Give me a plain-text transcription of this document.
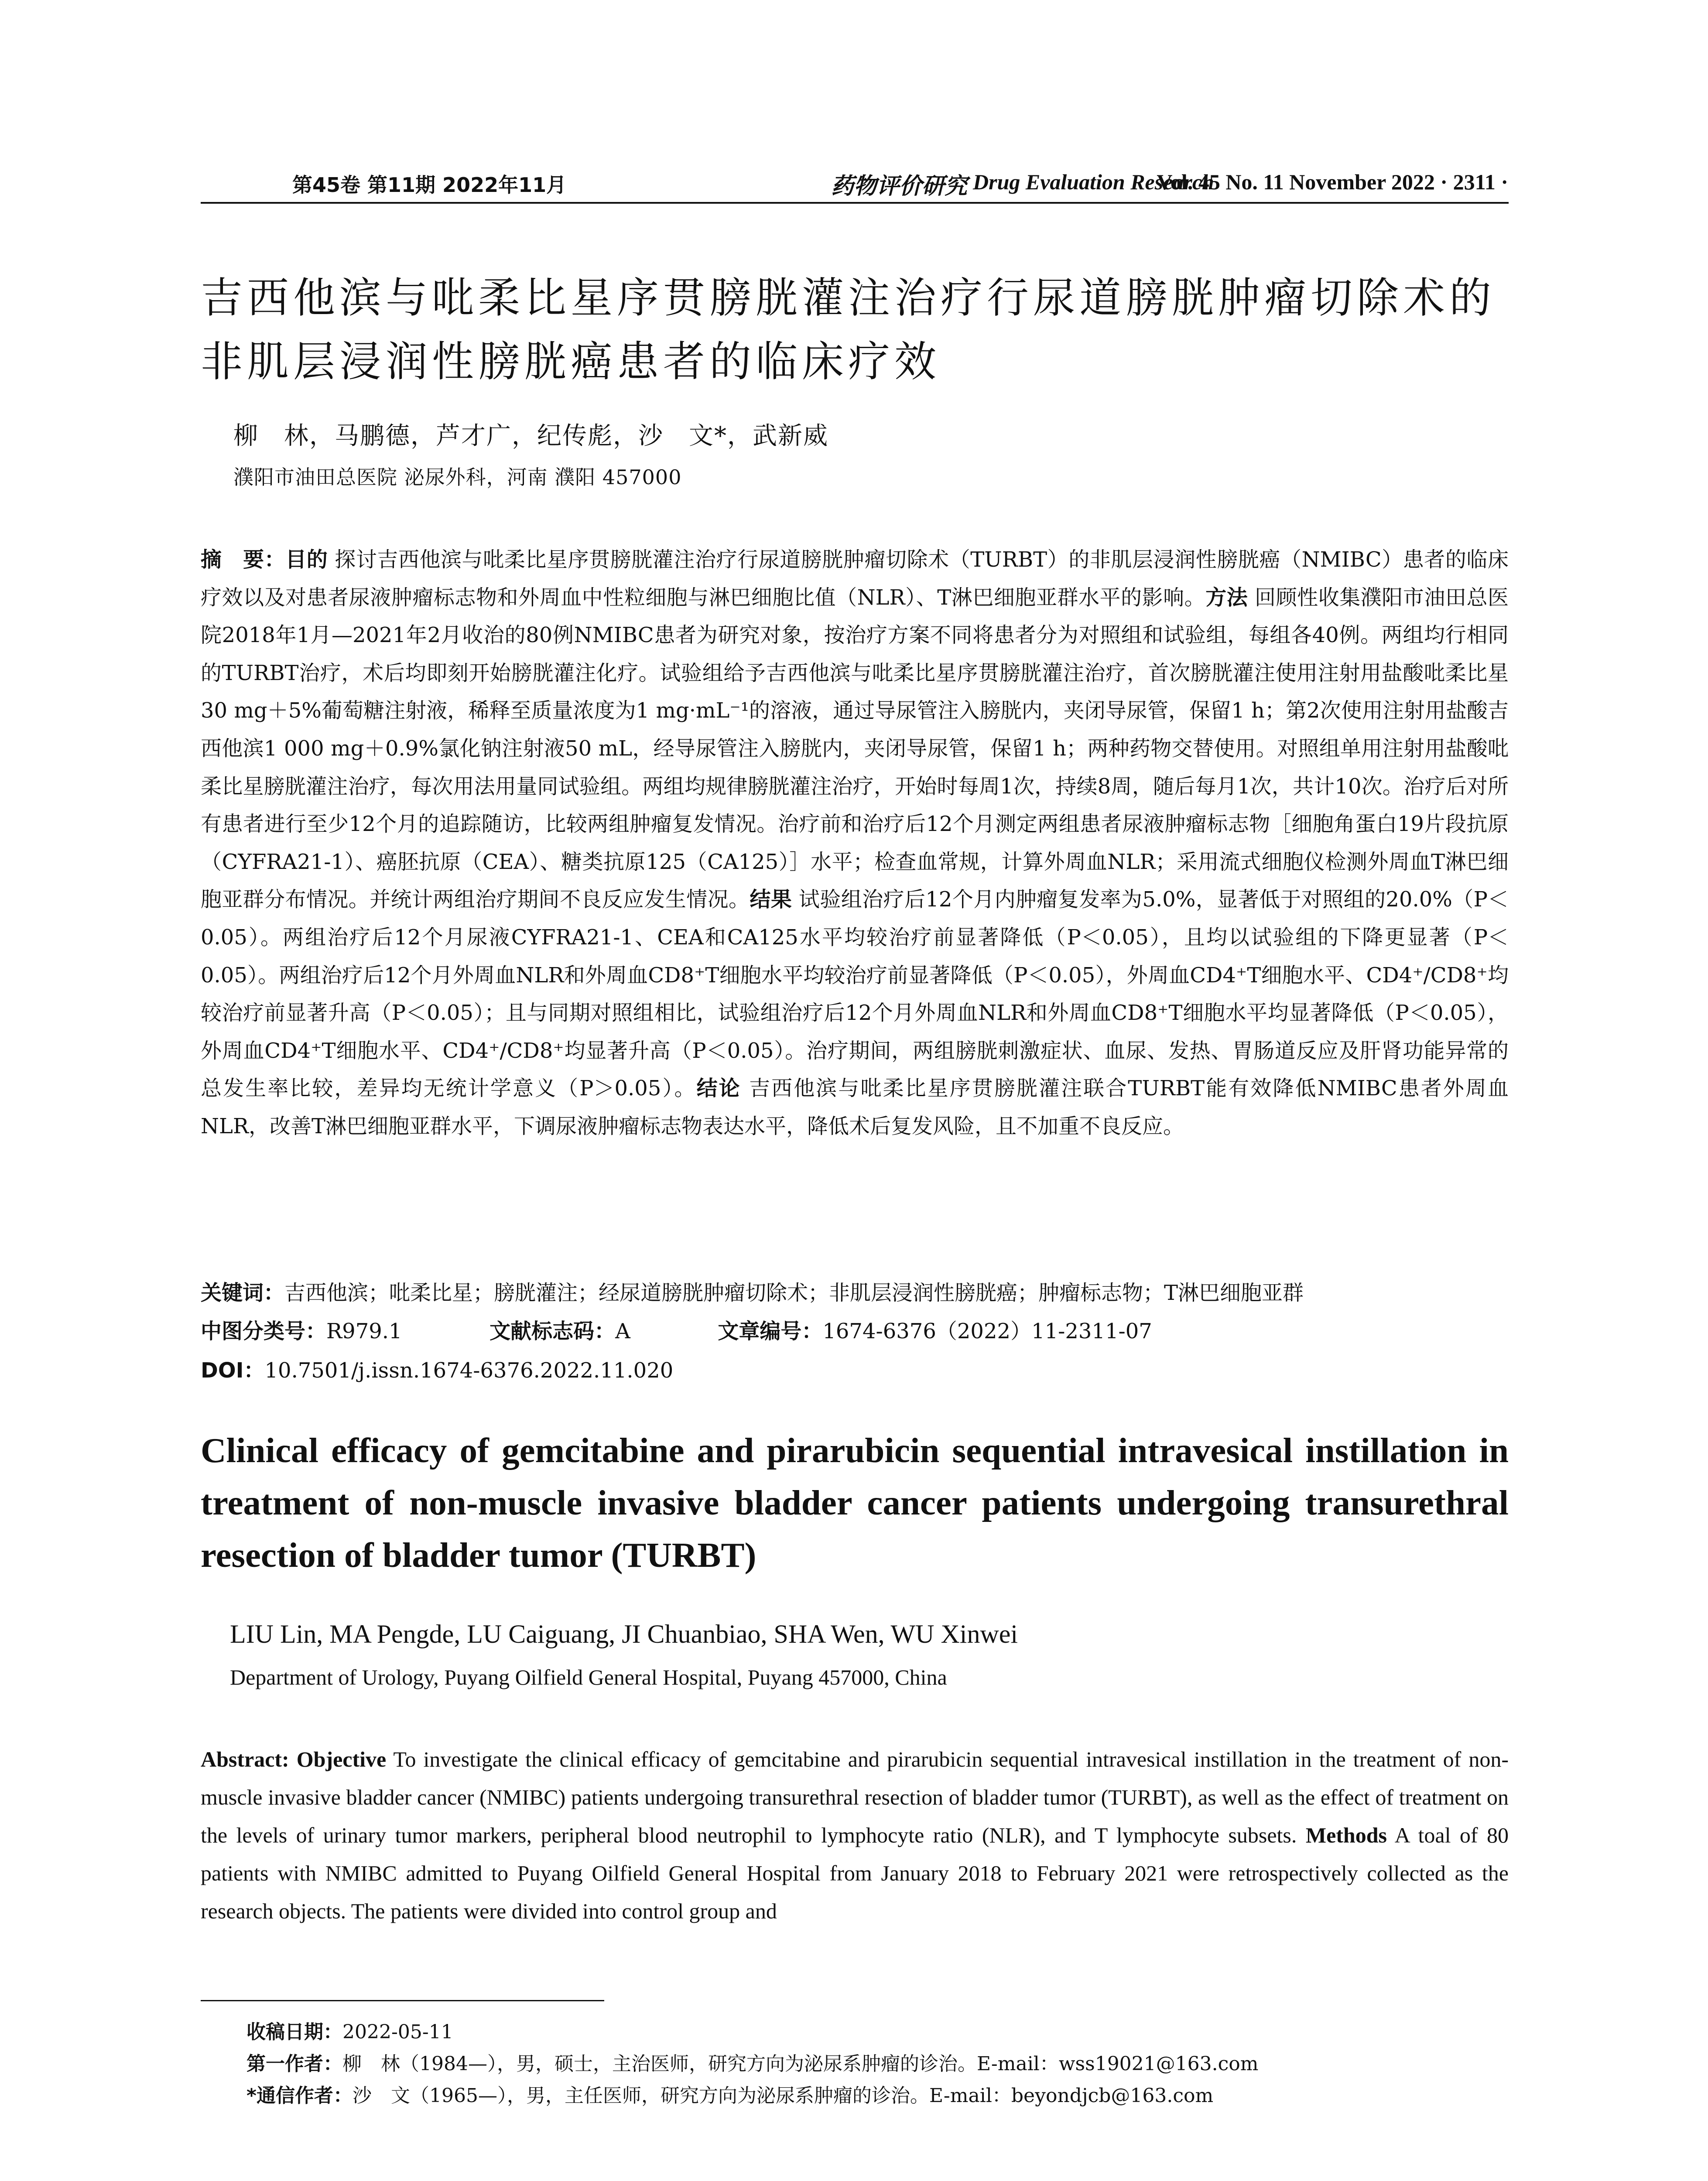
第45卷 第11期 2022年11月	药物评价研究 Drug Evaluation Research
Vol. 45 No. 11 November 2022 · 2311 ·
吉西他滨与吡柔比星序贯膀胱灌注治疗行尿道膀胱肿瘤切除术的
非肌层浸润性膀胱癌患者的临床疗效
柳　林，马鹏德，芦才广，纪传彪，沙　文*，武新威
濮阳市油田总医院 泌尿外科，河南 濮阳 457000
摘　要：目的 探讨吉西他滨与吡柔比星序贯膀胱灌注治疗行尿道膀胱肿瘤切除术（TURBT）的非肌层浸润性膀胱癌（NMIBC）患者的临床疗效以及对患者尿液肿瘤标志物和外周血中性粒细胞与淋巴细胞比值（NLR）、T淋巴细胞亚群水平的影响。方法 回顾性收集濮阳市油田总医院2018年1月—2021年2月收治的80例NMIBC患者为研究对象，按治疗方案不同将患者分为对照组和试验组，每组各40例。两组均行相同的TURBT治疗，术后均即刻开始膀胱灌注化疗。试验组给予吉西他滨与吡柔比星序贯膀胱灌注治疗，首次膀胱灌注使用注射用盐酸吡柔比星30 mg＋5%葡萄糖注射液，稀释至质量浓度为1 mg·mL⁻¹的溶液，通过导尿管注入膀胱内，夹闭导尿管，保留1 h；第2次使用注射用盐酸吉西他滨1 000 mg＋0.9%氯化钠注射液50 mL，经导尿管注入膀胱内，夹闭导尿管，保留1 h；两种药物交替使用。对照组单用注射用盐酸吡柔比星膀胱灌注治疗，每次用法用量同试验组。两组均规律膀胱灌注治疗，开始时每周1次，持续8周，随后每月1次，共计10次。治疗后对所有患者进行至少12个月的追踪随访，比较两组肿瘤复发情况。治疗前和治疗后12个月测定两组患者尿液肿瘤标志物［细胞角蛋白19片段抗原（CYFRA21-1）、癌胚抗原（CEA）、糖类抗原125（CA125）］水平；检查血常规，计算外周血NLR；采用流式细胞仪检测外周血T淋巴细胞亚群分布情况。并统计两组治疗期间不良反应发生情况。结果 试验组治疗后12个月内肿瘤复发率为5.0%，显著低于对照组的20.0%（P＜0.05）。两组治疗后12个月尿液CYFRA21-1、CEA和CA125水平均较治疗前显著降低（P＜0.05），且均以试验组的下降更显著（P＜0.05）。两组治疗后12个月外周血NLR和外周血CD8⁺T细胞水平均较治疗前显著降低（P＜0.05），外周血CD4⁺T细胞水平、CD4⁺/CD8⁺均较治疗前显著升高（P＜0.05）；且与同期对照组相比，试验组治疗后12个月外周血NLR和外周血CD8⁺T细胞水平均显著降低（P＜0.05），外周血CD4⁺T细胞水平、CD4⁺/CD8⁺均显著升高（P＜0.05）。治疗期间，两组膀胱刺激症状、血尿、发热、胃肠道反应及肝肾功能异常的总发生率比较，差异均无统计学意义（P＞0.05）。结论 吉西他滨与吡柔比星序贯膀胱灌注联合TURBT能有效降低NMIBC患者外周血NLR，改善T淋巴细胞亚群水平，下调尿液肿瘤标志物表达水平，降低术后复发风险，且不加重不良反应。
关键词：吉西他滨；吡柔比星；膀胱灌注；经尿道膀胱肿瘤切除术；非肌层浸润性膀胱癌；肿瘤标志物；T淋巴细胞亚群
中图分类号：R979.1	文献标志码：A	文章编号：1674-6376（2022）11-2311-07
DOI：10.7501/j.issn.1674-6376.2022.11.020
Clinical efficacy of gemcitabine and pirarubicin sequential intravesical instillation in treatment of non-muscle invasive bladder cancer patients undergoing transurethral resection of bladder tumor (TURBT)
LIU Lin, MA Pengde, LU Caiguang, JI Chuanbiao, SHA Wen, WU Xinwei
Department of Urology, Puyang Oilfield General Hospital, Puyang 457000, China
Abstract: Objective To investigate the clinical efficacy of gemcitabine and pirarubicin sequential intravesical instillation in the treatment of non-muscle invasive bladder cancer (NMIBC) patients undergoing transurethral resection of bladder tumor (TURBT), as well as the effect of treatment on the levels of urinary tumor markers, peripheral blood neutrophil to lymphocyte ratio (NLR), and T lymphocyte subsets. Methods A toal of 80 patients with NMIBC admitted to Puyang Oilfield General Hospital from January 2018 to February 2021 were retrospectively collected as the research objects. The patients were divided into control group and
收稿日期：2022-05-11
第一作者：柳　林（1984—），男，硕士，主治医师，研究方向为泌尿系肿瘤的诊治。E-mail：wss19021@163.com
*通信作者：沙　文（1965—），男，主任医师，研究方向为泌尿系肿瘤的诊治。E-mail：beyondjcb@163.com
